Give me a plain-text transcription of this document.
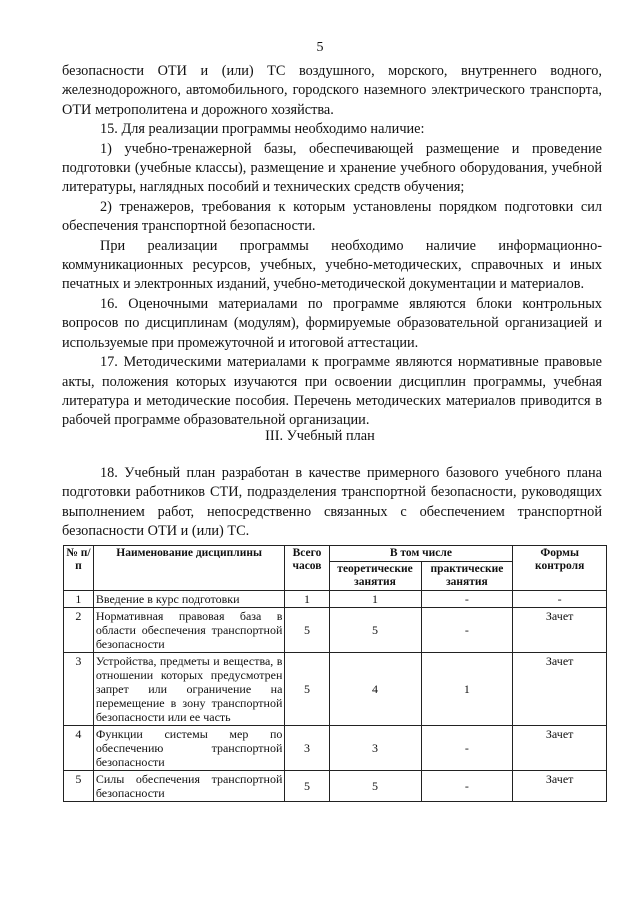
5

безопасности ОТИ и (или) ТС воздушного, морского, внутреннего водного, железнодорожного, автомобильного, городского наземного электрического транспорта, ОТИ метрополитена и дорожного хозяйства.

15. Для реализации программы необходимо наличие:

1) учебно-тренажерной базы, обеспечивающей размещение и проведение подготовки (учебные классы), размещение и хранение учебного оборудования, учебной литературы, наглядных пособий и технических средств обучения;

2) тренажеров, требования к которым установлены порядком подготовки сил обеспечения транспортной безопасности.

При реализации программы необходимо наличие информационно-коммуникационных ресурсов, учебных, учебно-методических, справочных и иных печатных и электронных изданий, учебно-методической документации и материалов.

16. Оценочными материалами по программе являются блоки контрольных вопросов по дисциплинам (модулям), формируемые образовательной организацией и используемые при промежуточной и итоговой аттестации.

17. Методическими материалами к программе являются нормативные правовые акты, положения которых изучаются при освоении дисциплин программы, учебная литература и методические пособия. Перечень методических материалов приводится в рабочей программе образовательной организации.

III. Учебный план

18. Учебный план разработан в качестве примерного базового учебного плана подготовки работников СТИ, подразделения транспортной безопасности, руководящих выполнением работ, непосредственно связанных с обеспечением транспортной безопасности ОТИ и (или) ТС.

№ п/п	Наименование дисциплины	Всего часов	В том числе		Формы контроля
			теоретические занятия	практические занятия	
1	Введение в курс подготовки	1	1	-	-
2	Нормативная правовая база в области обеспечения транспортной безопасности	5	5	-	Зачет
3	Устройства, предметы и вещества, в отношении которых предусмотрен запрет или ограничение на перемещение в зону транспортной безопасности или ее часть	5	4	1	Зачет
4	Функции системы мер по обеспечению транспортной безопасности	3	3	-	Зачет
5	Силы обеспечения транспортной безопасности	5	5	-	Зачет
